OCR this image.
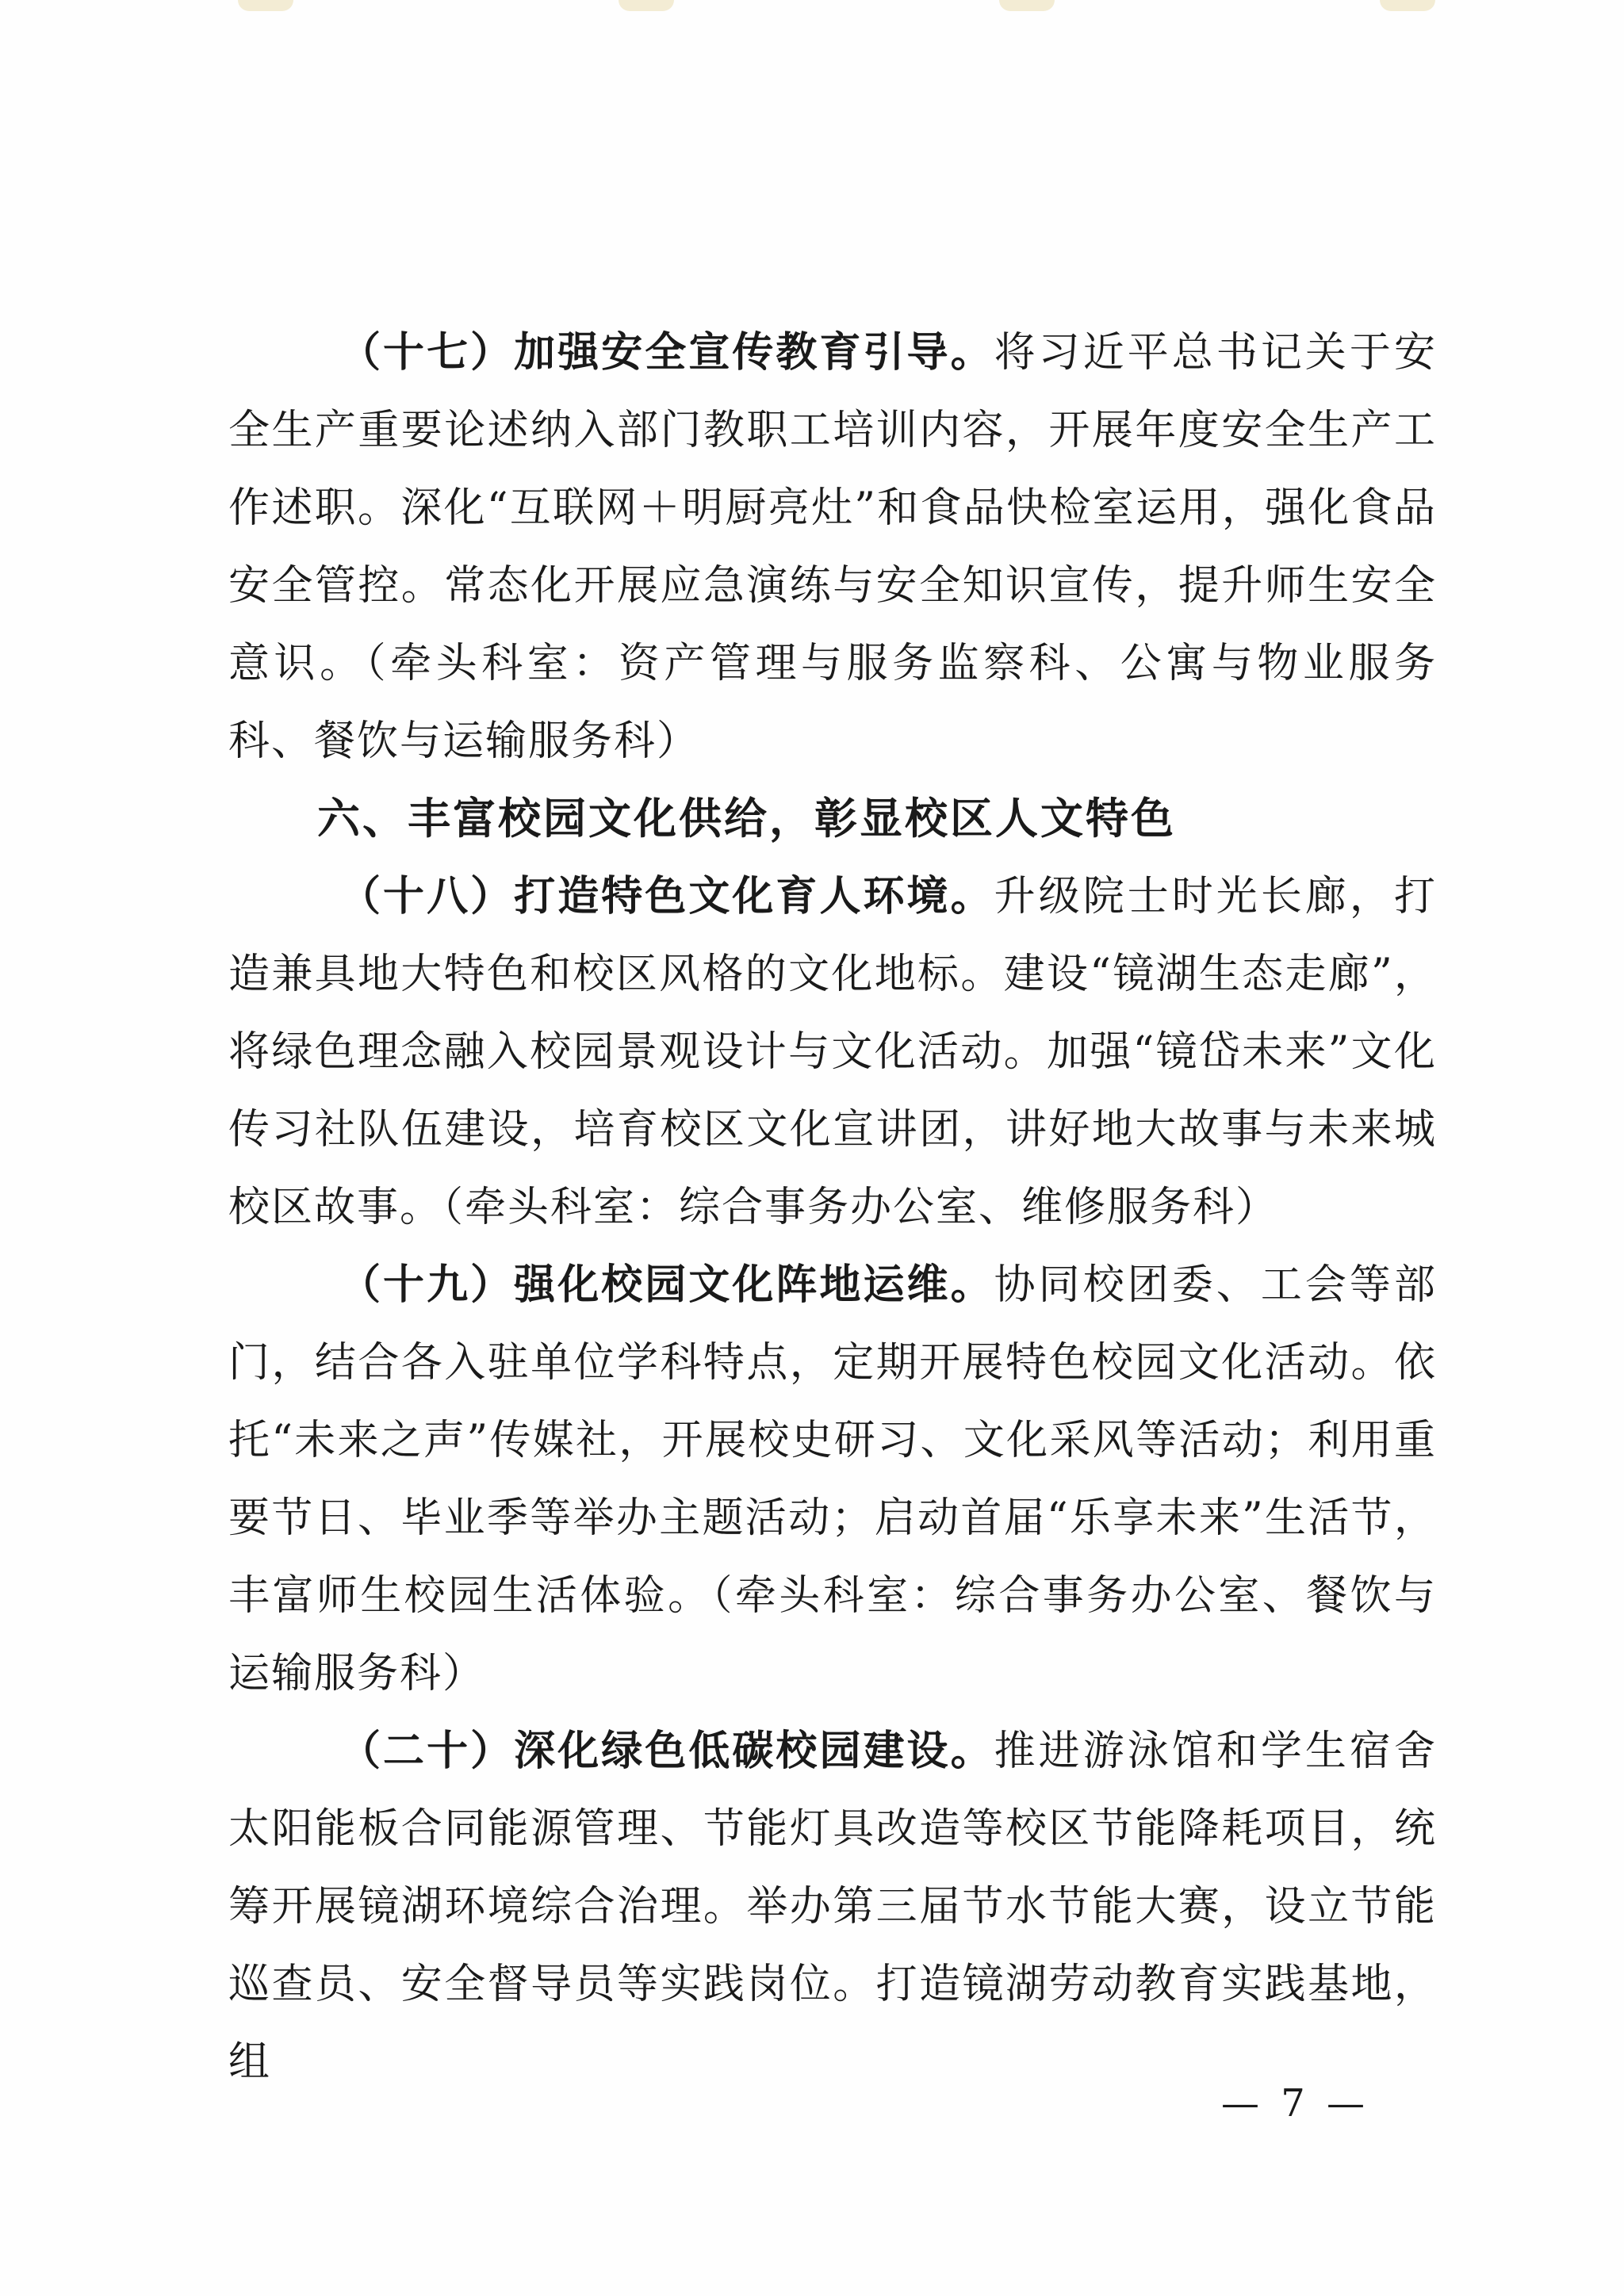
（十七）加强安全宣传教育引导。将习近平总书记关于安全生产重要论述纳入部门教职工培训内容，开展年度安全生产工作述职。深化“互联网＋明厨亮灶”和食品快检室运用，强化食品安全管控。常态化开展应急演练与安全知识宣传，提升师生安全意识。（牵头科室：资产管理与服务监察科、公寓与物业服务科、餐饮与运输服务科）

六、丰富校园文化供给，彰显校区人文特色

（十八）打造特色文化育人环境。升级院士时光长廊，打造兼具地大特色和校区风格的文化地标。建设“镜湖生态走廊”，将绿色理念融入校园景观设计与文化活动。加强“镜岱未来”文化传习社队伍建设，培育校区文化宣讲团，讲好地大故事与未来城校区故事。（牵头科室：综合事务办公室、维修服务科）

（十九）强化校园文化阵地运维。协同校团委、工会等部门，结合各入驻单位学科特点，定期开展特色校园文化活动。依托“未来之声”传媒社，开展校史研习、文化采风等活动；利用重要节日、毕业季等举办主题活动；启动首届“乐享未来”生活节，丰富师生校园生活体验。（牵头科室：综合事务办公室、餐饮与运输服务科）

（二十）深化绿色低碳校园建设。推进游泳馆和学生宿舍太阳能板合同能源管理、节能灯具改造等校区节能降耗项目，统筹开展镜湖环境综合治理。举办第三届节水节能大赛，设立节能巡查员、安全督导员等实践岗位。打造镜湖劳动教育实践基地，组

— 7 —
